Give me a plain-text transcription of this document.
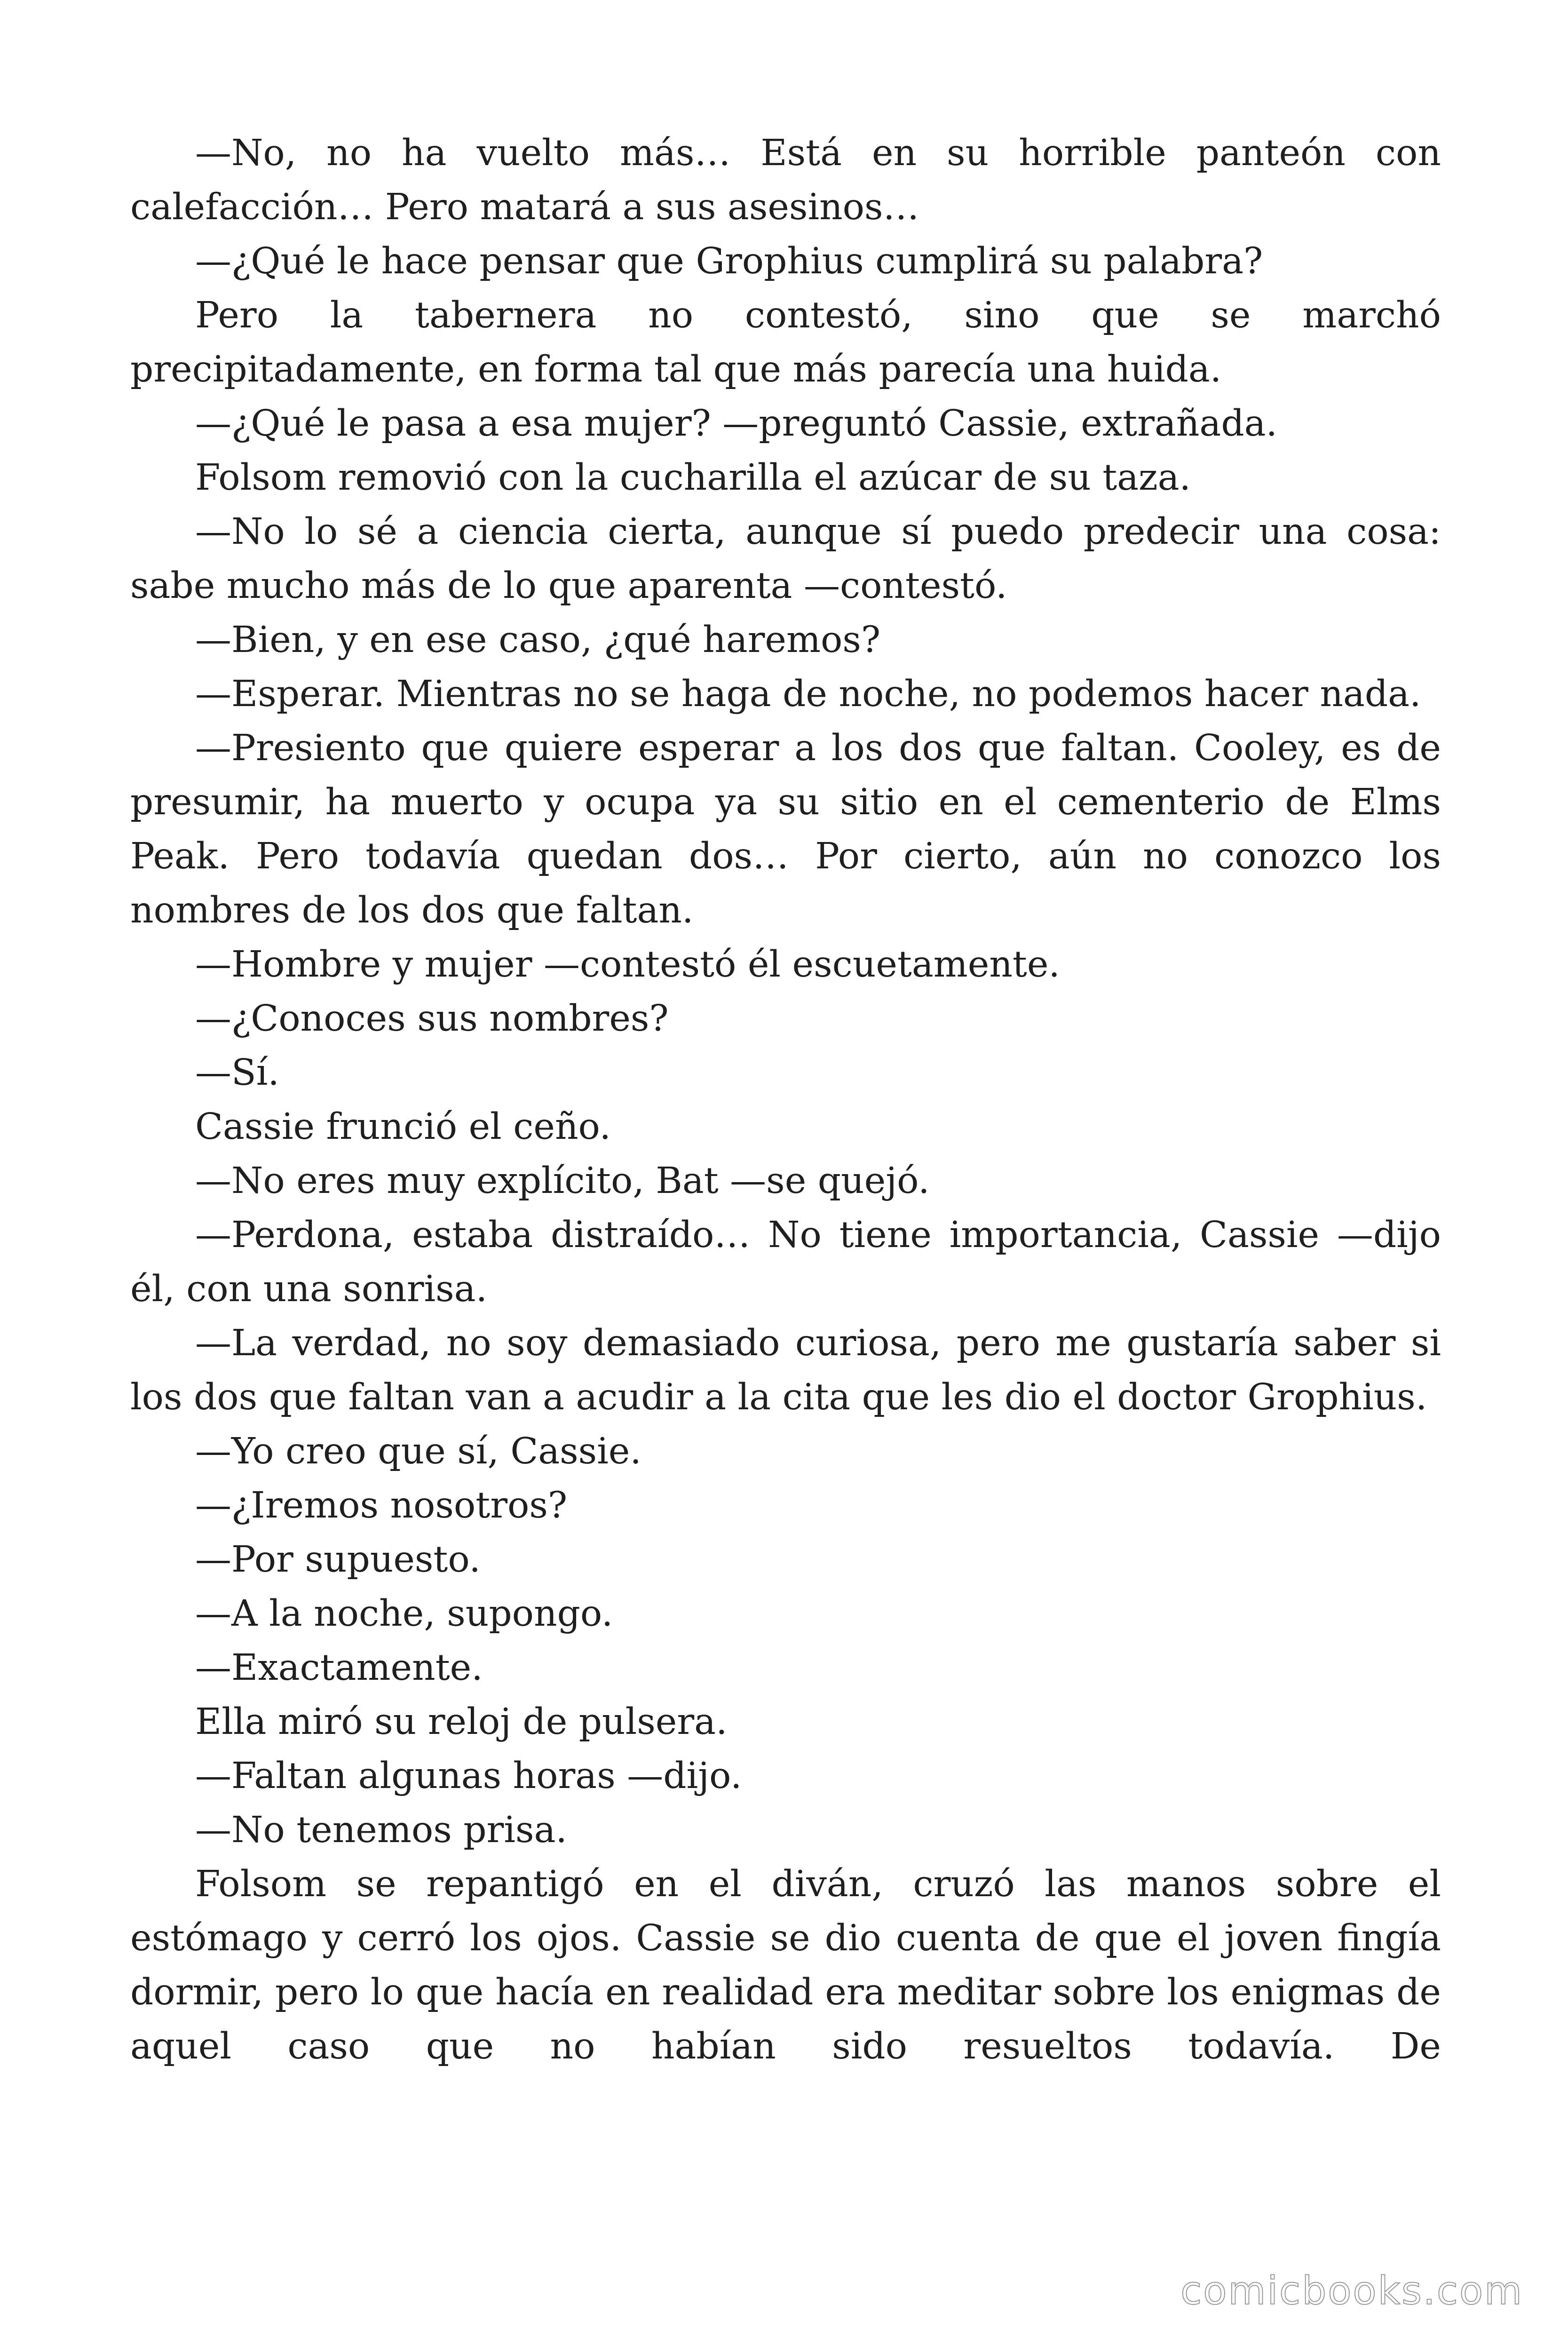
—No, no ha vuelto más… Está en su horrible panteón con calefacción… Pero matará a sus asesinos…

—¿Qué le hace pensar que Grophius cumplirá su palabra?

Pero la tabernera no contestó, sino que se marchó precipitadamente, en forma tal que más parecía una huida.

—¿Qué le pasa a esa mujer? —preguntó Cassie, extrañada.

Folsom removió con la cucharilla el azúcar de su taza.

—No lo sé a ciencia cierta, aunque sí puedo predecir una cosa: sabe mucho más de lo que aparenta —contestó.

—Bien, y en ese caso, ¿qué haremos?

—Esperar. Mientras no se haga de noche, no podemos hacer nada.

—Presiento que quiere esperar a los dos que faltan. Cooley, es de presumir, ha muerto y ocupa ya su sitio en el cementerio de Elms Peak. Pero todavía quedan dos… Por cierto, aún no conozco los nombres de los dos que faltan.

—Hombre y mujer —contestó él escuetamente.

—¿Conoces sus nombres?

—Sí.

Cassie frunció el ceño.

—No eres muy explícito, Bat —se quejó.

—Perdona, estaba distraído… No tiene importancia, Cassie —dijo él, con una sonrisa.

—La verdad, no soy demasiado curiosa, pero me gustaría saber si los dos que faltan van a acudir a la cita que les dio el doctor Grophius.

—Yo creo que sí, Cassie.

—¿Iremos nosotros?

—Por supuesto.

—A la noche, supongo.

—Exactamente.

Ella miró su reloj de pulsera.

—Faltan algunas horas —dijo.

—No tenemos prisa.

Folsom se repantigó en el diván, cruzó las manos sobre el estómago y cerró los ojos. Cassie se dio cuenta de que el joven fingía dormir, pero lo que hacía en realidad era meditar sobre los enigmas de aquel caso que no habían sido resueltos todavía. De

comicbooks.com
